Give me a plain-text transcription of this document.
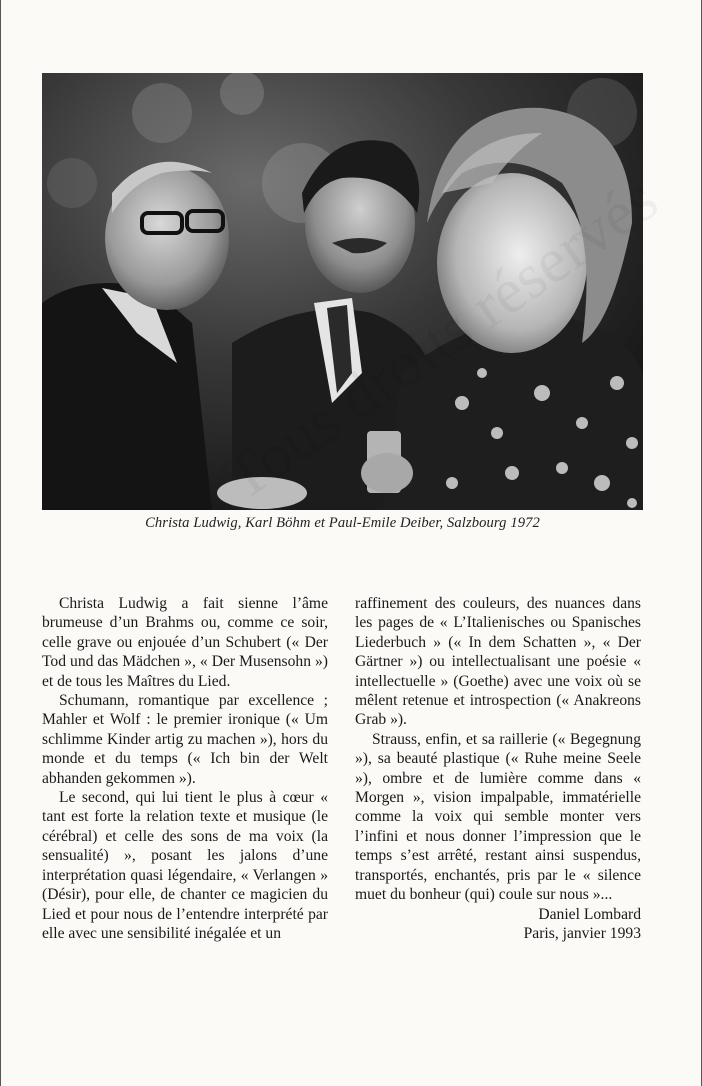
Christa Ludwig, Karl Böhm et Paul-Emile Deiber, Salzbourg 1972

Christa Ludwig a fait sienne l’âme brumeuse d’un Brahms ou, comme ce soir, celle grave ou enjouée d’un Schubert (« Der Tod und das Mädchen », « Der Musensohn ») et de tous les Maîtres du Lied.

Schumann, romantique par excellence ; Mahler et Wolf : le premier ironique (« Um schlimme Kinder artig zu machen »), hors du monde et du temps (« Ich bin der Welt abhanden gekommen »).

Le second, qui lui tient le plus à cœur « tant est forte la relation texte et musique (le cérébral) et celle des sons de ma voix (la sensualité) », posant les jalons d’une interprétation quasi légendaire, « Verlangen » (Désir), pour elle, de chanter ce magicien du Lied et pour nous de l’entendre interprété par elle avec une sensibilité inégalée et un

raffinement des couleurs, des nuances dans les pages de « L’Italienisches ou Spanisches Liederbuch » (« In dem Schatten », « Der Gärtner ») ou intellectualisant une poésie « intellectuelle » (Goethe) avec une voix où se mêlent retenue et introspection (« Anakreons Grab »).

Strauss, enfin, et sa raillerie (« Begegnung »), sa beauté plastique (« Ruhe meine Seele »), ombre et de lumière comme dans « Morgen », vision impalpable, immatérielle comme la voix qui semble monter vers l’infini et nous donner l’impression que le temps s’est arrêté, restant ainsi suspendus, transportés, enchantés, pris par le « silence muet du bonheur (qui) coule sur nous »...

Daniel Lombard
Paris, janvier 1993
